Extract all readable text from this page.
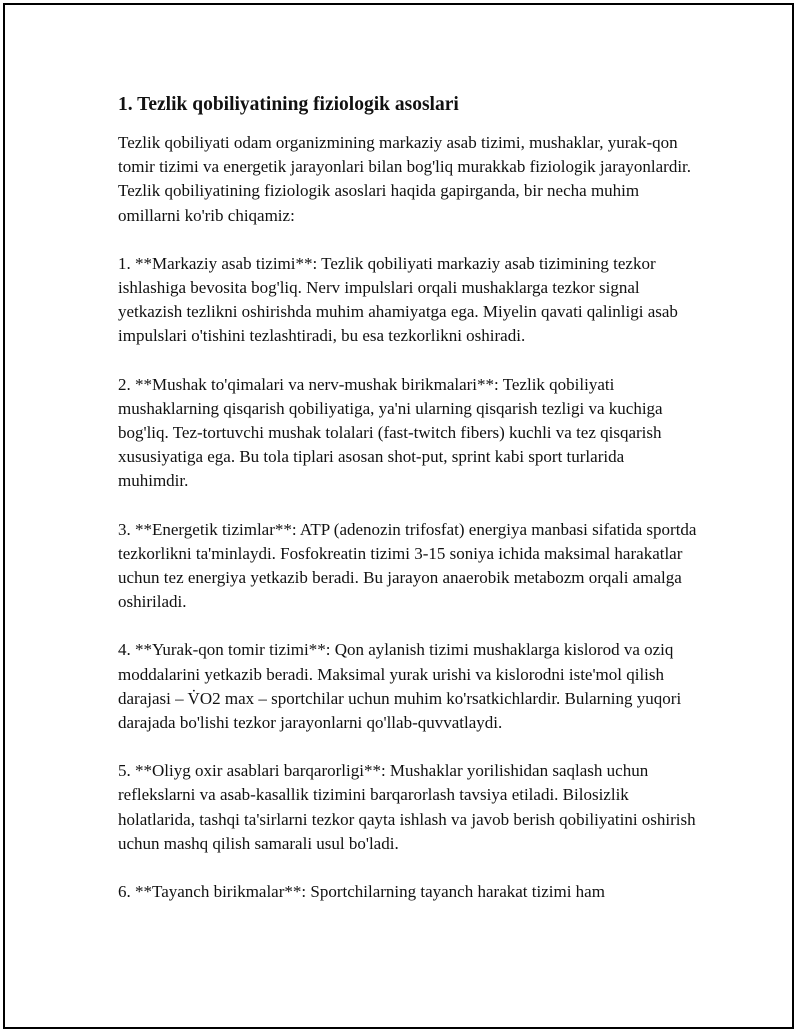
1. Tezlik qobiliyatining fiziologik asoslari

Tezlik qobiliyati odam organizmining markaziy asab tizimi, mushaklar, yurak-qon tomir tizimi va energetik jarayonlari bilan bog'liq murakkab fiziologik jarayonlardir. Tezlik qobiliyatining fiziologik asoslari haqida gapirganda, bir necha muhim omillarni ko'rib chiqamiz:

1. **Markaziy asab tizimi**: Tezlik qobiliyati markaziy asab tizimining tezkor ishlashiga bevosita bog'liq. Nerv impulslari orqali mushaklarga tezkor signal yetkazish tezlikni oshirishda muhim ahamiyatga ega. Miyelin qavati qalinligi asab impulslari o'tishini tezlashtiradi, bu esa tezkorlikni oshiradi.

2. **Mushak to'qimalari va nerv-mushak birikmalari**: Tezlik qobiliyati mushaklarning qisqarish qobiliyatiga, ya'ni ularning qisqarish tezligi va kuchiga bog'liq. Tez-tortuvchi mushak tolalari (fast-twitch fibers) kuchli va tez qisqarish xususiyatiga ega. Bu tola tiplari asosan shot-put, sprint kabi sport turlarida muhimdir.

3. **Energetik tizimlar**: ATP (adenozin trifosfat) energiya manbasi sifatida sportda tezkorlikni ta'minlaydi. Fosfokreatin tizimi 3-15 soniya ichida maksimal harakatlar uchun tez energiya yetkazib beradi. Bu jarayon anaerobik metabozm orqali amalga oshiriladi.

4. **Yurak-qon tomir tizimi**: Qon aylanish tizimi mushaklarga kislorod va oziq moddalarini yetkazib beradi. Maksimal yurak urishi va kislorodni iste'mol qilish darajasi – V̇O2 max – sportchilar uchun muhim ko'rsatkichlardir. Bularning yuqori darajada bo'lishi tezkor jarayonlarni qo'llab-quvvatlaydi.

5. **Oliyg oxir asablari barqarorligi**: Mushaklar yorilishidan saqlash uchun reflekslarni va asab-kasallik tizimini barqarorlash tavsiya etiladi. Bilosizlik holatlarida, tashqi ta'sirlarni tezkor qayta ishlash va javob berish qobiliyatini oshirish uchun mashq qilish samarali usul bo'ladi.

6. **Tayanch birikmalar**: Sportchilarning tayanch harakat tizimi ham
